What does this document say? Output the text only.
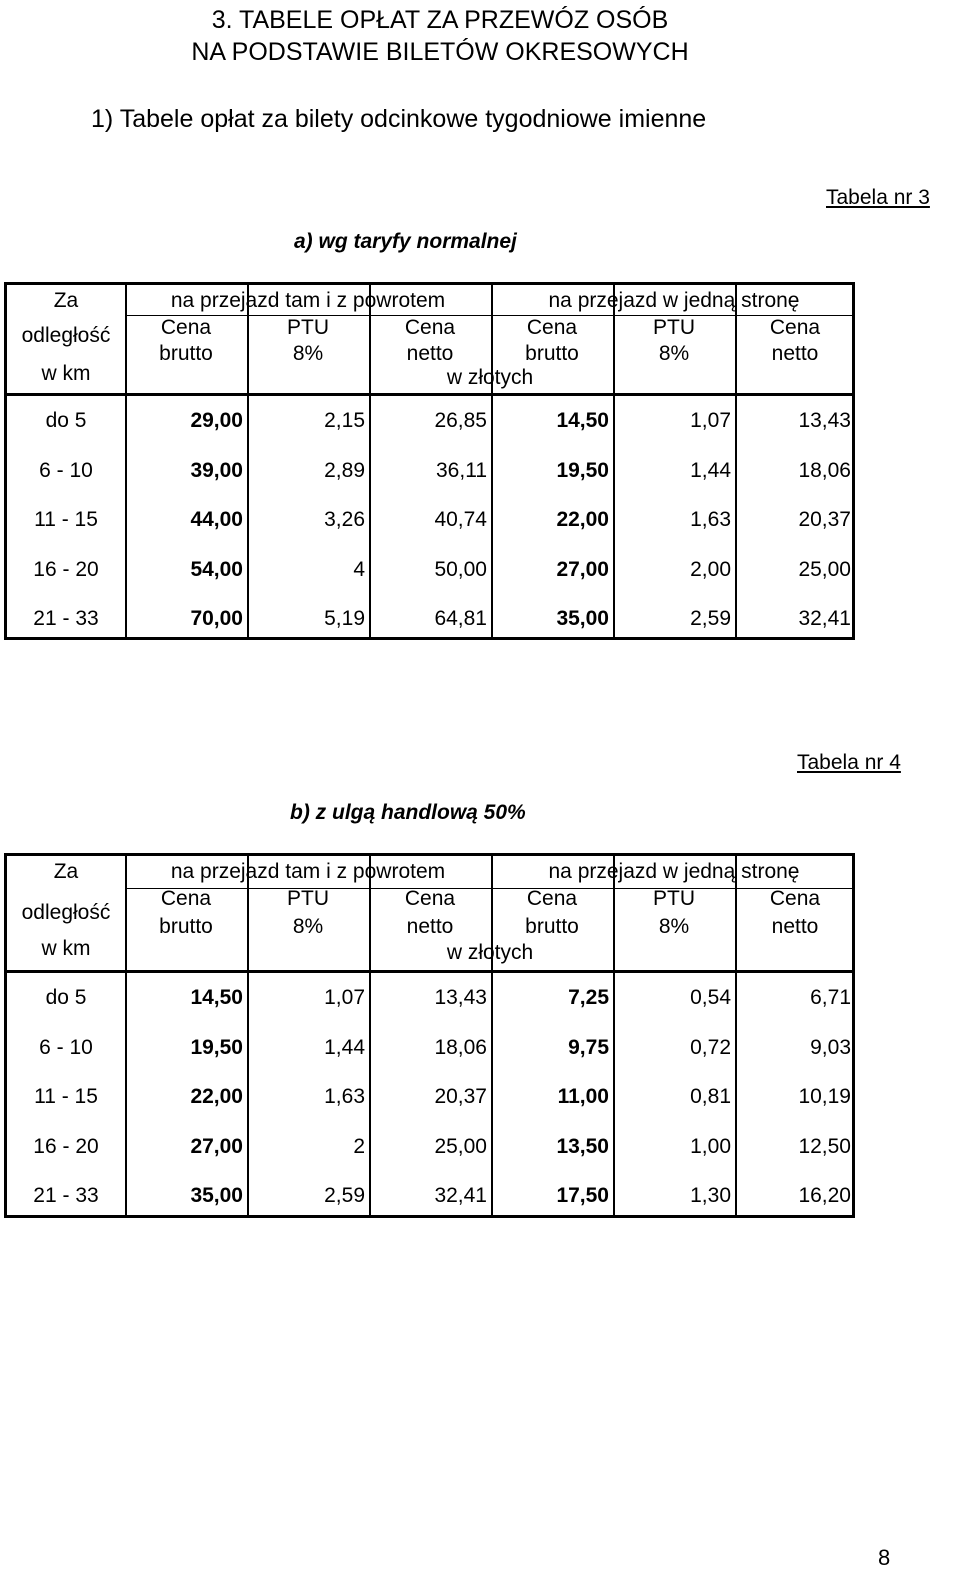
3. TABELE OPŁAT ZA PRZEWÓZ OSÓB
NA PODSTAWIE BILETÓW OKRESOWYCH
1) Tabele opłat za bilety odcinkowe tygodniowe imienne
Tabela nr 3
a) wg taryfy normalnej
Za
odległość
w km
na przejazd tam i z powrotem	na przejazd w jedną stronę
Cena
brutto
PTU
8%
Cena
netto
Cena
brutto
PTU
8%
Cena
netto
w złotych
do 5	29,00	2,15	26,85	14,50	1,07	13,43
6 - 10	39,00	2,89	36,11	19,50	1,44	18,06
11 - 15	44,00	3,26	40,74	22,00	1,63	20,37
16 - 20	54,00	4	50,00	27,00	2,00	25,00
21 - 33	70,00	5,19	64,81	35,00	2,59	32,41
Tabela nr 4
b) z ulgą handlową 50%
Za
odległość
w km
na przejazd tam i z powrotem	na przejazd w jedną stronę
Cena
brutto
PTU
8%
Cena
netto
Cena
brutto
PTU
8%
Cena
netto
w złotych
do 5	14,50	1,07	13,43	7,25	0,54	6,71
6 - 10	19,50	1,44	18,06	9,75	0,72	9,03
11 - 15	22,00	1,63	20,37	11,00	0,81	10,19
16 - 20	27,00	2	25,00	13,50	1,00	12,50
21 - 33	35,00	2,59	32,41	17,50	1,30	16,20
8
